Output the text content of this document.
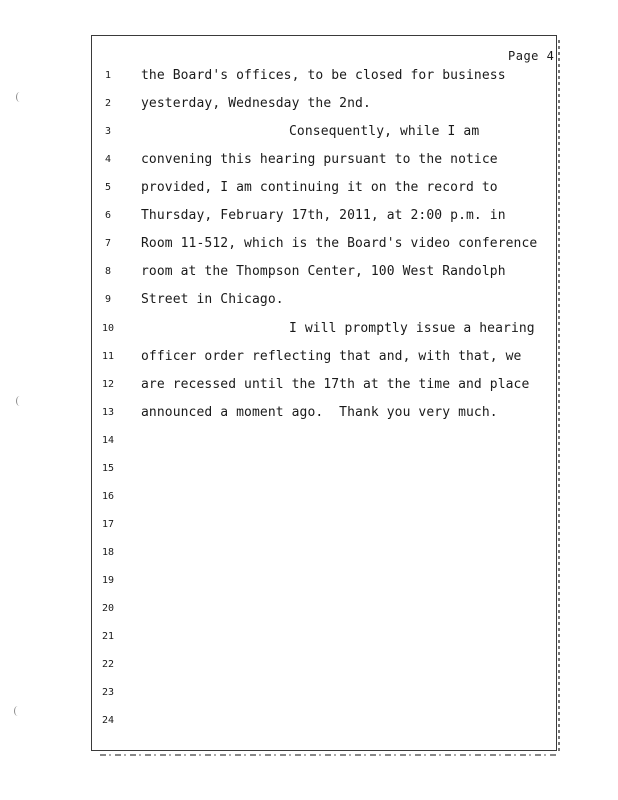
Page 4
1
2
3
4
5
6
7
8
9
10
11
12
13
14
15
16
17
18
19
20
21
22
23
24
the Board's offices, to be closed for business
yesterday, Wednesday the 2nd.
Consequently, while I am
convening this hearing pursuant to the notice
provided, I am continuing it on the record to
Thursday, February 17th, 2011, at 2:00 p.m. in
Room 11-512, which is the Board's video conference
room at the Thompson Center, 100 West Randolph
Street in Chicago.
I will promptly issue a hearing
officer order reflecting that and, with that, we
are recessed until the 17th at the time and place
announced a moment ago.  Thank you very much.
